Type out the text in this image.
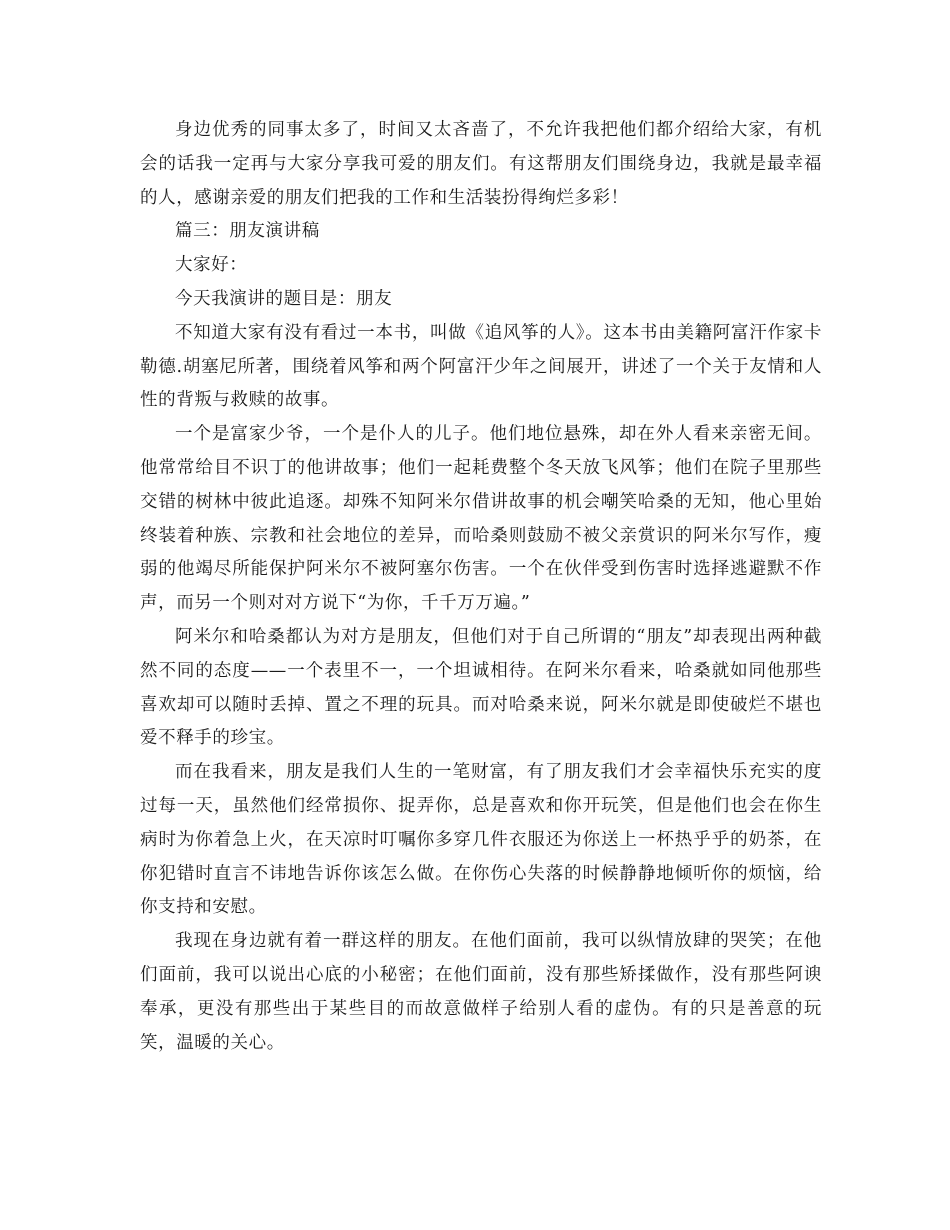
身边优秀的同事太多了，时间又太吝啬了，不允许我把他们都介绍给大家，有机会的话我一定再与大家分享我可爱的朋友们。有这帮朋友们围绕身边，我就是最幸福的人，感谢亲爱的朋友们把我的工作和生活装扮得绚烂多彩！

篇三：朋友演讲稿

大家好：

今天我演讲的题目是：朋友

不知道大家有没有看过一本书，叫做《追风筝的人》。这本书由美籍阿富汗作家卡勒德.胡塞尼所著，围绕着风筝和两个阿富汗少年之间展开，讲述了一个关于友情和人性的背叛与救赎的故事。

一个是富家少爷，一个是仆人的儿子。他们地位悬殊，却在外人看来亲密无间。他常常给目不识丁的他讲故事；他们一起耗费整个冬天放飞风筝；他们在院子里那些交错的树林中彼此追逐。却殊不知阿米尔借讲故事的机会嘲笑哈桑的无知，他心里始终装着种族、宗教和社会地位的差异，而哈桑则鼓励不被父亲赏识的阿米尔写作，瘦弱的他竭尽所能保护阿米尔不被阿塞尔伤害。一个在伙伴受到伤害时选择逃避默不作声，而另一个则对对方说下“为你，千千万万遍。”

阿米尔和哈桑都认为对方是朋友，但他们对于自己所谓的“朋友”却表现出两种截然不同的态度——一个表里不一，一个坦诚相待。在阿米尔看来，哈桑就如同他那些喜欢却可以随时丢掉、置之不理的玩具。而对哈桑来说，阿米尔就是即使破烂不堪也爱不释手的珍宝。

而在我看来，朋友是我们人生的一笔财富，有了朋友我们才会幸福快乐充实的度过每一天，虽然他们经常损你、捉弄你，总是喜欢和你开玩笑，但是他们也会在你生病时为你着急上火，在天凉时叮嘱你多穿几件衣服还为你送上一杯热乎乎的奶茶，在你犯错时直言不讳地告诉你该怎么做。在你伤心失落的时候静静地倾听你的烦恼，给你支持和安慰。

我现在身边就有着一群这样的朋友。在他们面前，我可以纵情放肆的哭笑；在他们面前，我可以说出心底的小秘密；在他们面前，没有那些矫揉做作，没有那些阿谀奉承，更没有那些出于某些目的而故意做样子给别人看的虚伪。有的只是善意的玩笑，温暖的关心。
